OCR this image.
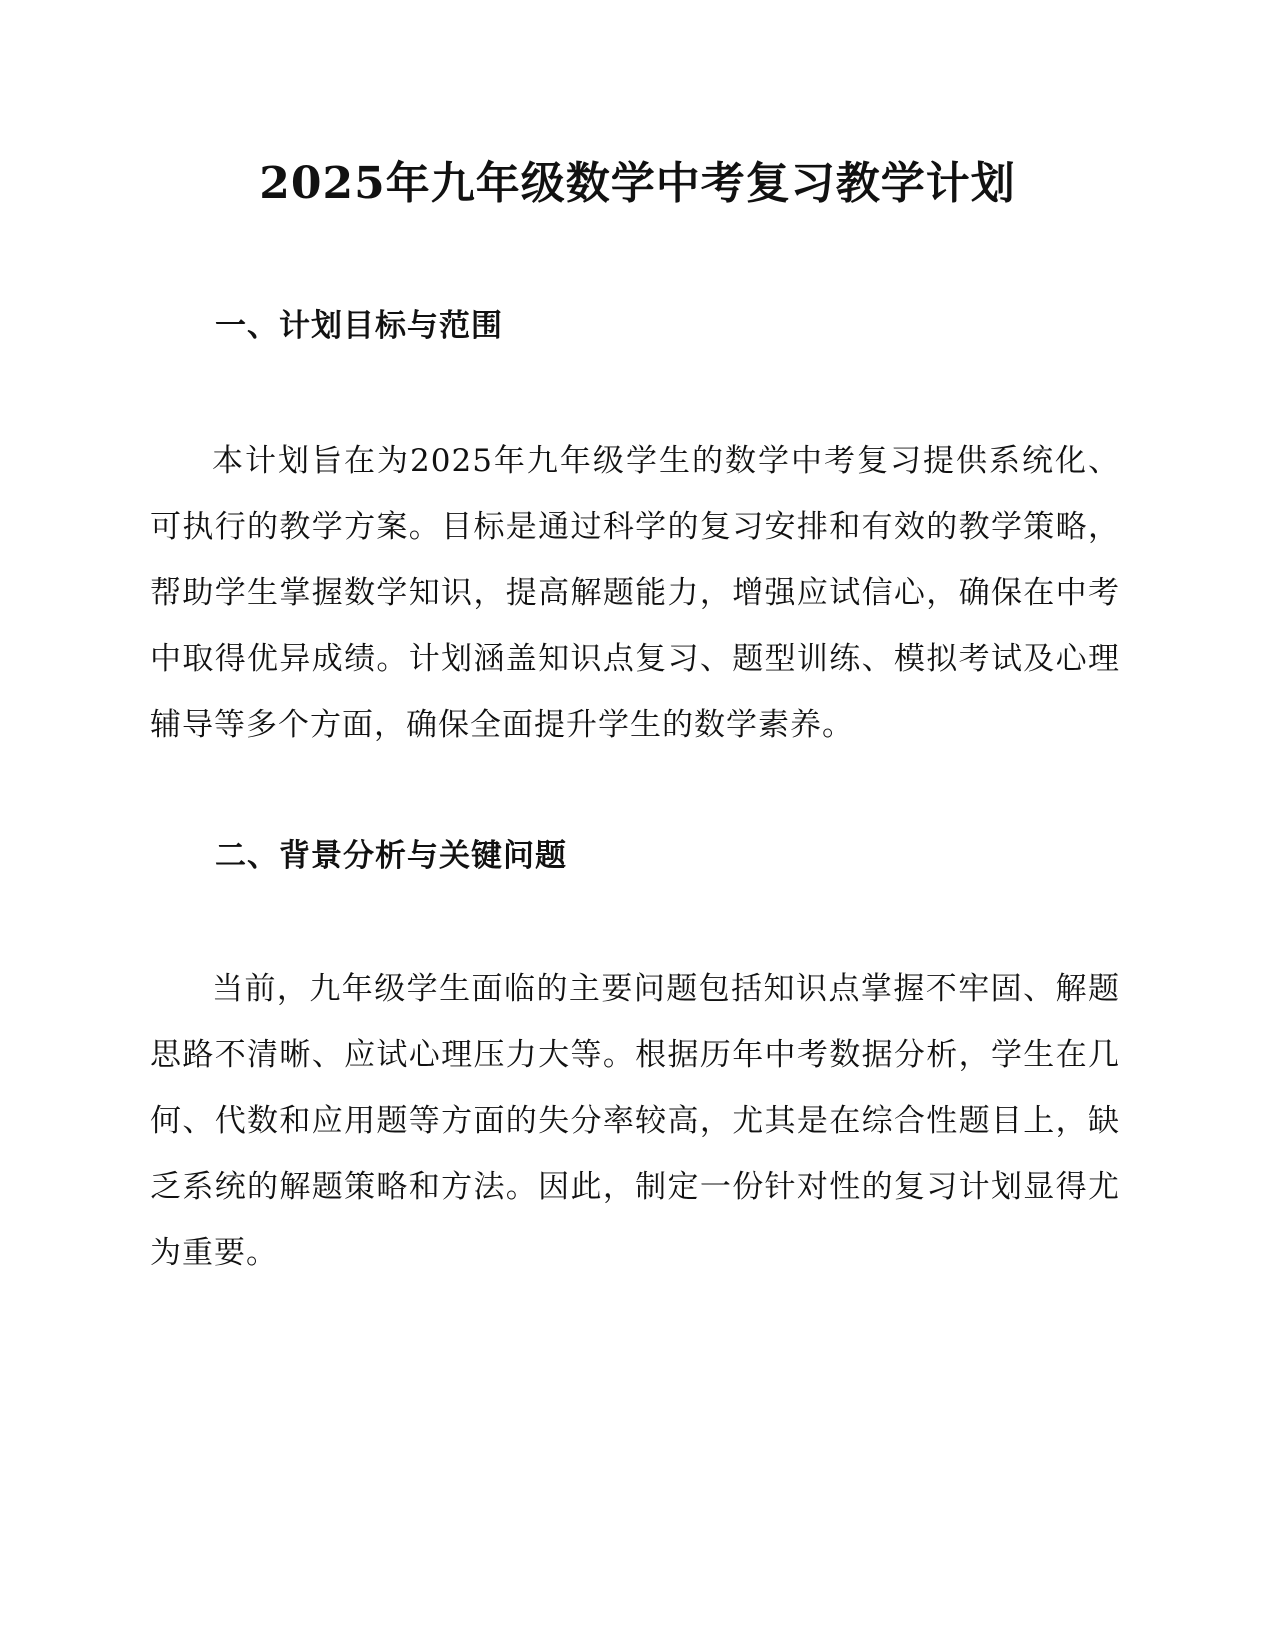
2025年九年级数学中考复习教学计划
一、计划目标与范围

本计划旨在为2025年九年级学生的数学中考复习提供系统化、可执行的教学方案。目标是通过科学的复习安排和有效的教学策略，帮助学生掌握数学知识，提高解题能力，增强应试信心，确保在中考中取得优异成绩。计划涵盖知识点复习、题型训练、模拟考试及心理辅导等多个方面，确保全面提升学生的数学素养。

二、背景分析与关键问题

当前，九年级学生面临的主要问题包括知识点掌握不牢固、解题思路不清晰、应试心理压力大等。根据历年中考数据分析，学生在几何、代数和应用题等方面的失分率较高，尤其是在综合性题目上，缺乏系统的解题策略和方法。因此，制定一份针对性的复习计划显得尤为重要。
